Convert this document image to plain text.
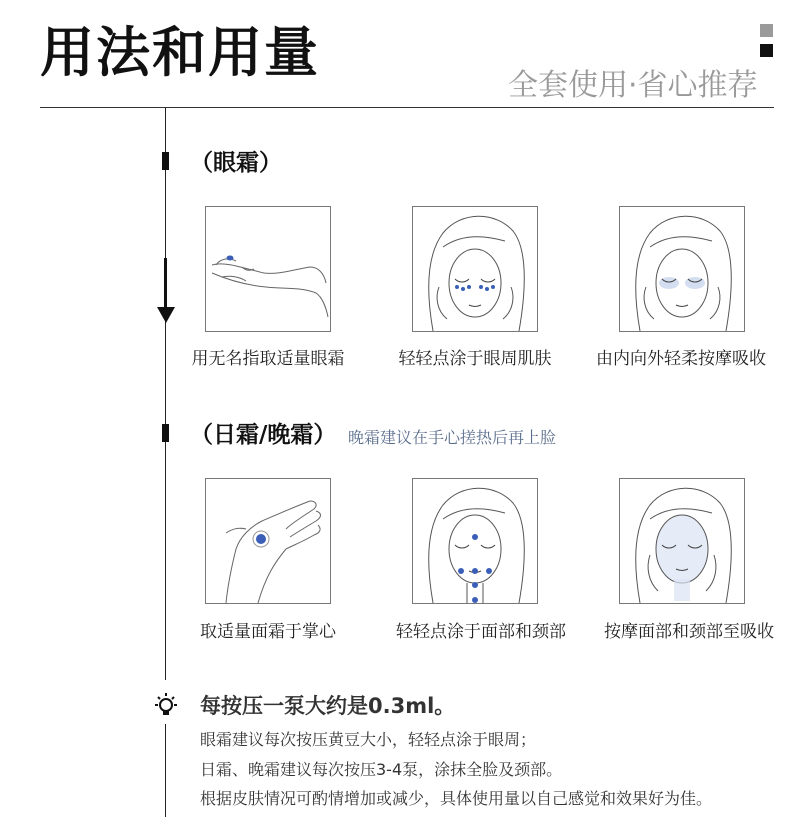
用法和用量
全套使用·省心推荐
（眼霜）
用无名指取适量眼霜	轻轻点涂于眼周肌肤	由内向外轻柔按摩吸收
（日霜/晚霜） 晚霜建议在手心搓热后再上脸
取适量面霜于掌心	轻轻点涂于面部和颈部	按摩面部和颈部至吸收
每按压一泵大约是0.3ml。
眼霜建议每次按压黄豆大小，轻轻点涂于眼周；
日霜、晚霜建议每次按压3-4泵，涂抹全脸及颈部。
根据皮肤情况可酌情增加或减少，具体使用量以自己感觉和效果好为佳。
